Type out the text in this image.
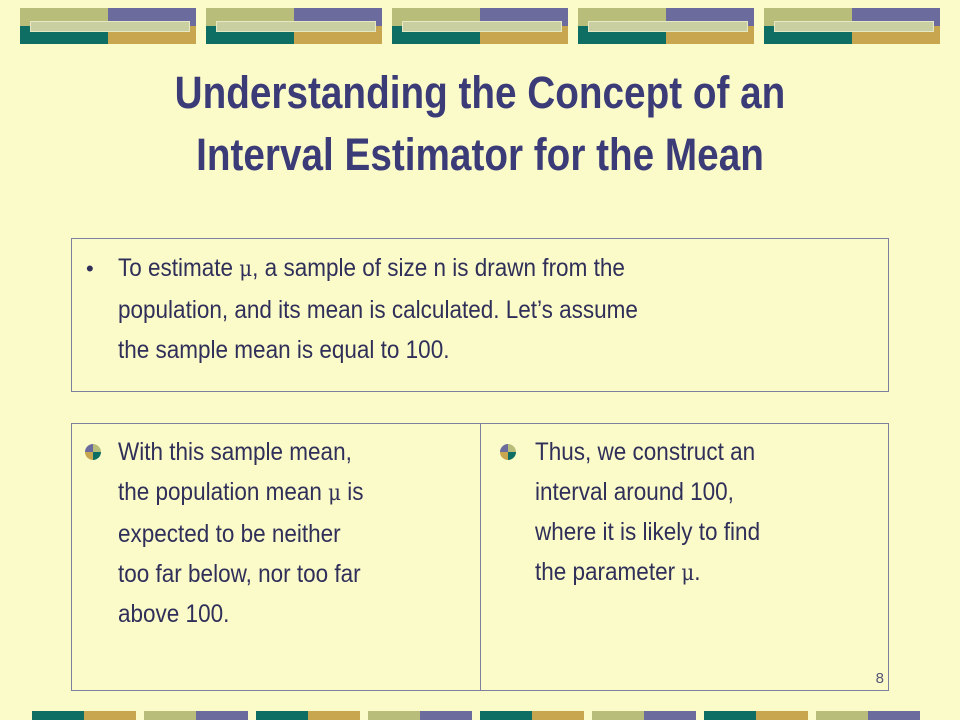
Understanding the Concept of an
Interval Estimator for the Mean
• To estimate μ, a sample of size n is drawn from the
population, and its mean is calculated. Let’s assume
the sample mean is equal to 100.
With this sample mean,
the population mean μ is
expected to be neither
too far below, nor too far
above 100.
Thus, we construct an
interval around 100,
where it is likely to find
the parameter μ.
8
